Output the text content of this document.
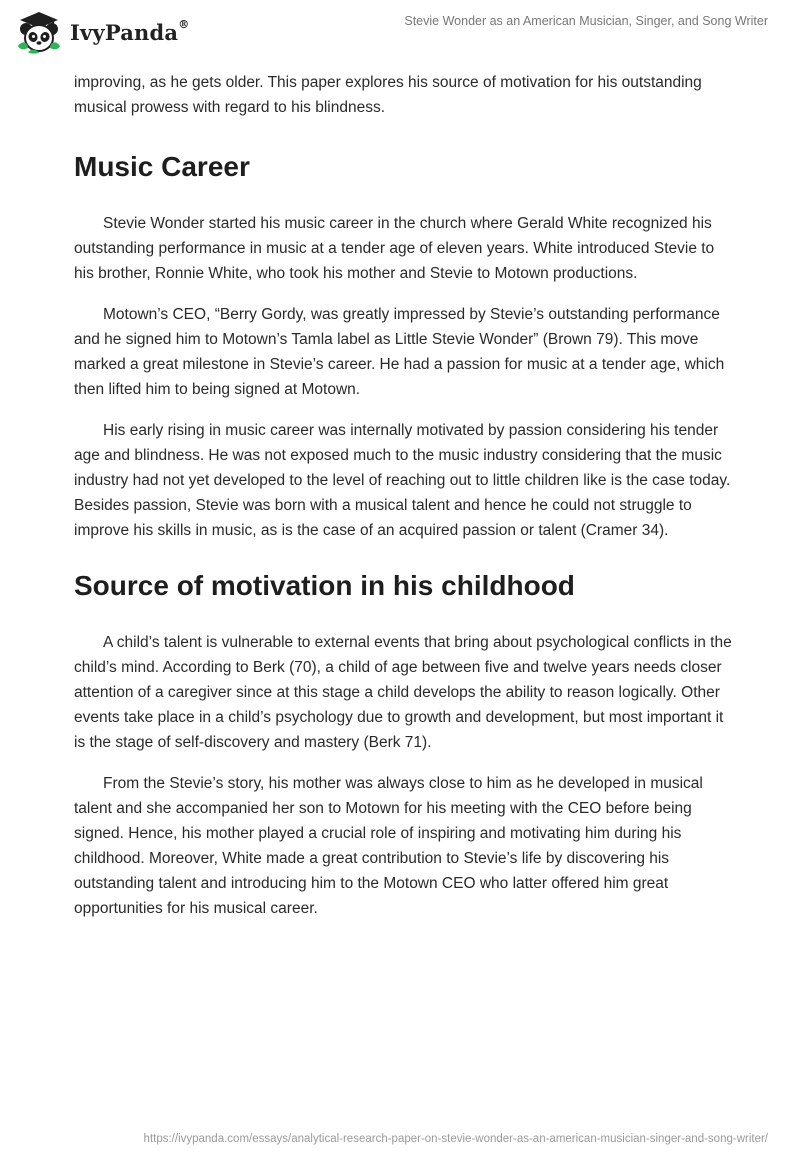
IvyPanda®	Stevie Wonder as an American Musician, Singer, and Song Writer

improving, as he gets older. This paper explores his source of motivation for his outstanding musical prowess with regard to his blindness.

Music Career

Stevie Wonder started his music career in the church where Gerald White recognized his outstanding performance in music at a tender age of eleven years. White introduced Stevie to his brother, Ronnie White, who took his mother and Stevie to Motown productions.

Motown’s CEO, “Berry Gordy, was greatly impressed by Stevie’s outstanding performance and he signed him to Motown’s Tamla label as Little Stevie Wonder” (Brown 79). This move marked a great milestone in Stevie’s career. He had a passion for music at a tender age, which then lifted him to being signed at Motown.

His early rising in music career was internally motivated by passion considering his tender age and blindness. He was not exposed much to the music industry considering that the music industry had not yet developed to the level of reaching out to little children like is the case today. Besides passion, Stevie was born with a musical talent and hence he could not struggle to improve his skills in music, as is the case of an acquired passion or talent (Cramer 34).

Source of motivation in his childhood

A child’s talent is vulnerable to external events that bring about psychological conflicts in the child’s mind. According to Berk (70), a child of age between five and twelve years needs closer attention of a caregiver since at this stage a child develops the ability to reason logically. Other events take place in a child’s psychology due to growth and development, but most important it is the stage of self-discovery and mastery (Berk 71).

From the Stevie’s story, his mother was always close to him as he developed in musical talent and she accompanied her son to Motown for his meeting with the CEO before being signed. Hence, his mother played a crucial role of inspiring and motivating him during his childhood. Moreover, White made a great contribution to Stevie’s life by discovering his outstanding talent and introducing him to the Motown CEO who latter offered him great opportunities for his musical career.

https://ivypanda.com/essays/analytical-research-paper-on-stevie-wonder-as-an-american-musician-singer-and-song-writer/
